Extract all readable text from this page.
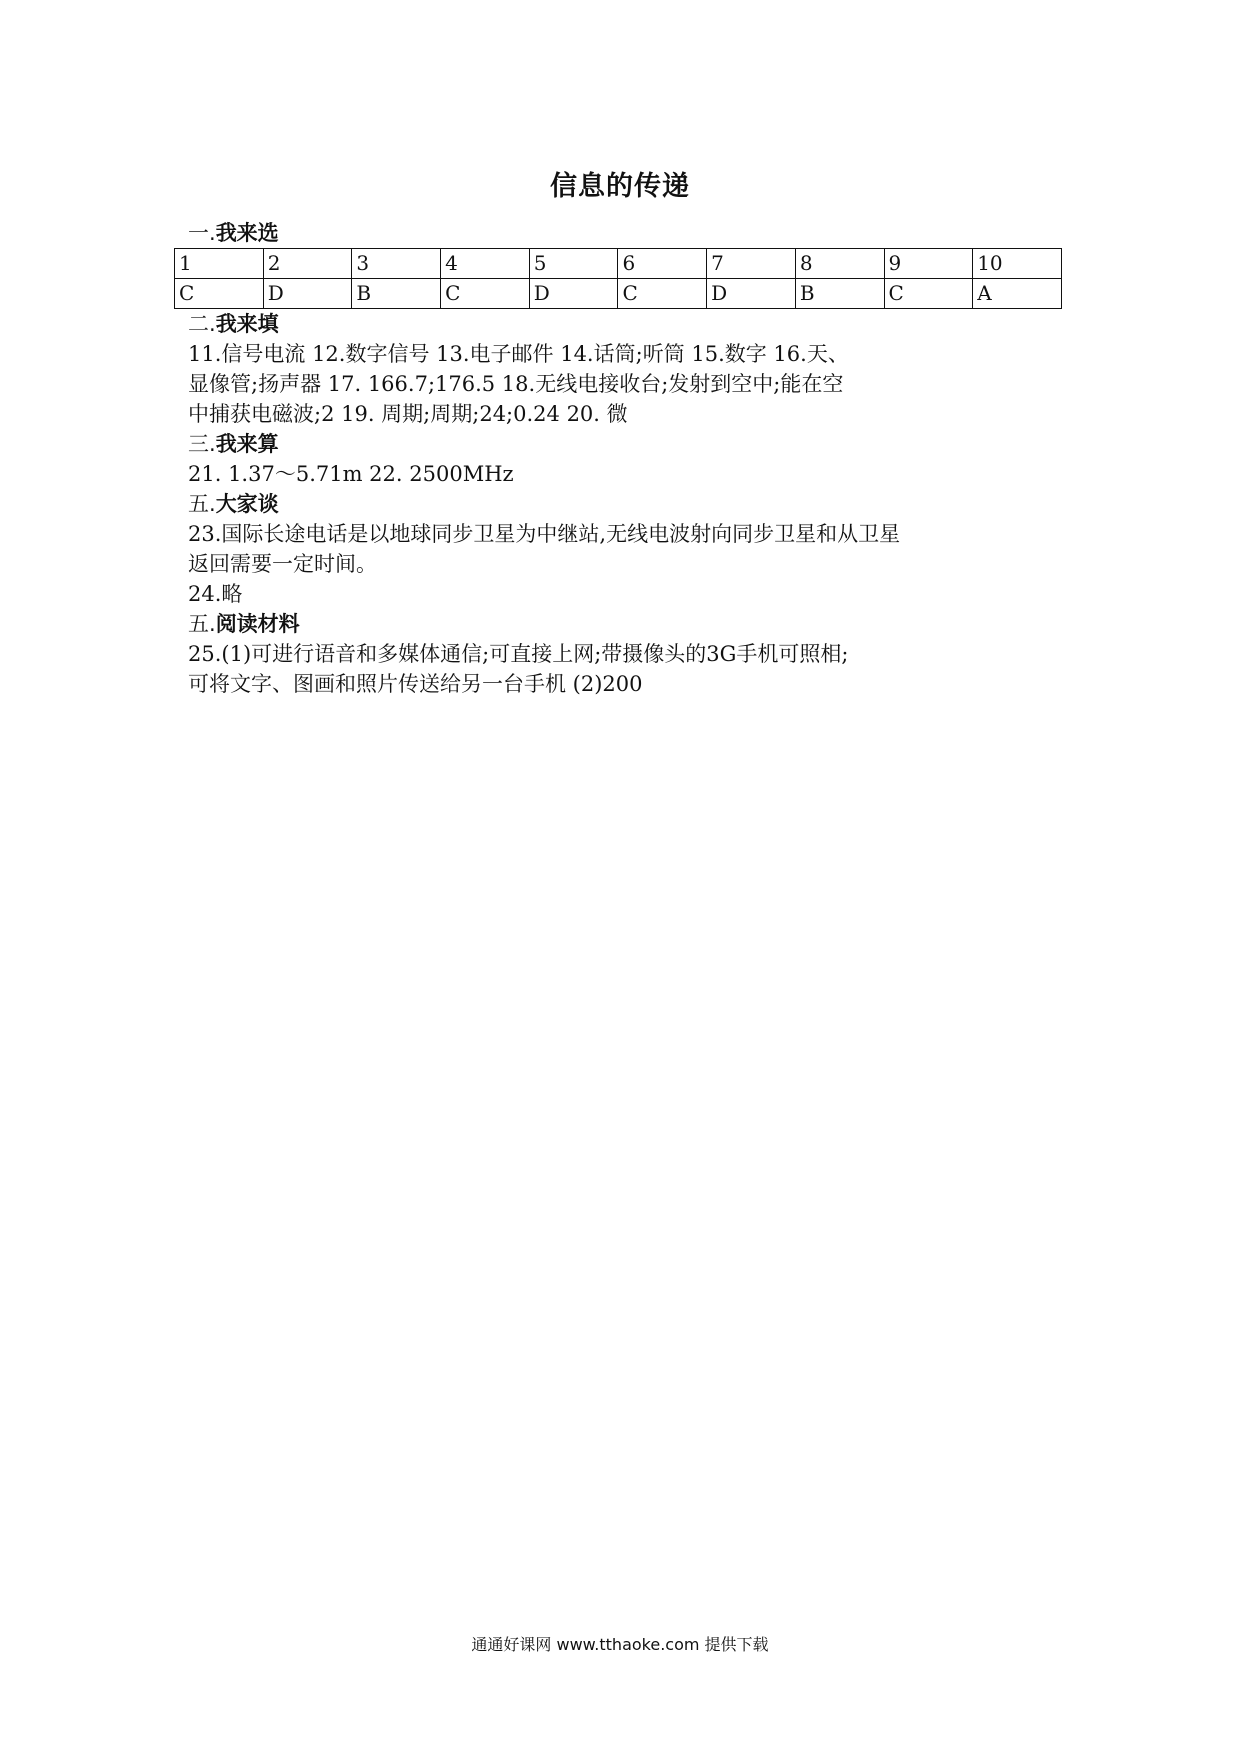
信息的传递
一.我来选
1	2	3	4	5	6	7	8	9	10
C	D	B	C	D	C	D	B	C	A
二.我来填
11.信号电流 12.数字信号 13.电子邮件 14.话筒;听筒 15.数字 16.天、
显像管;扬声器 17. 166.7;176.5 18.无线电接收台;发射到空中;能在空
中捕获电磁波;2 19. 周期;周期;24;0.24 20. 微
三.我来算
21. 1.37～5.71m 22. 2500MHz
五.大家谈
23.国际长途电话是以地球同步卫星为中继站,无线电波射向同步卫星和从卫星
返回需要一定时间。
24.略
五.阅读材料
25.(1)可进行语音和多媒体通信;可直接上网;带摄像头的3G手机可照相;
可将文字、图画和照片传送给另一台手机 (2)200
通通好课网 www.tthaoke.com 提供下载
